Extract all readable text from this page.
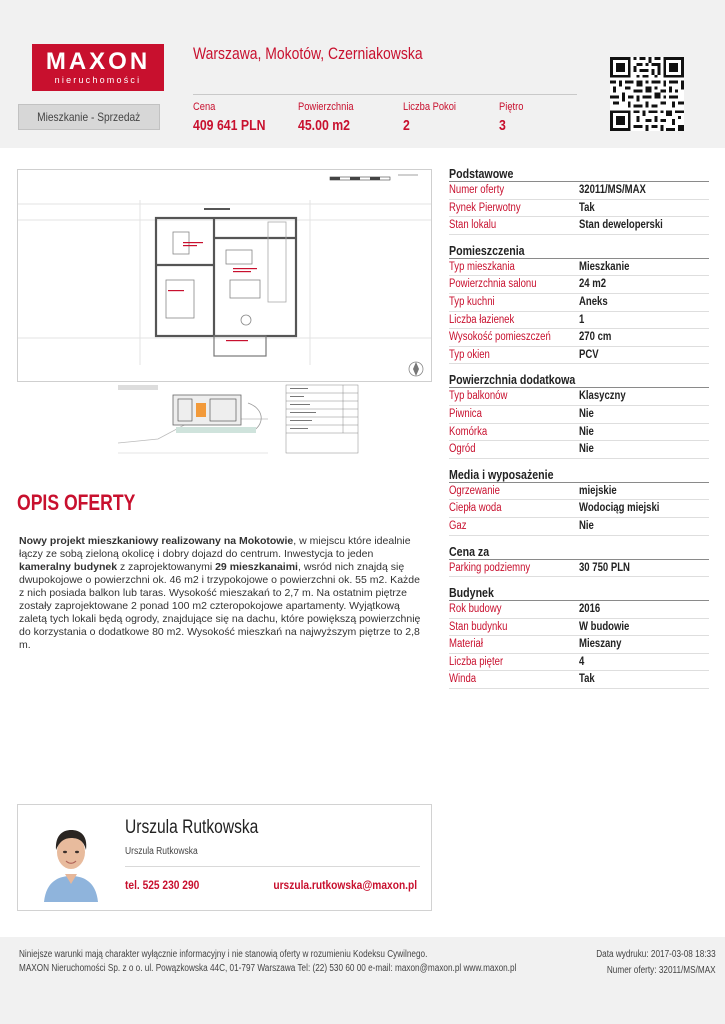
MAXON
nieruchomości
Warszawa, Mokotów, Czerniakowska
Mieszkanie - Sprzedaż
Cena
409 641 PLN
Powierzchnia
45.00 m2
Liczba Pokoi
2
Piętro
3
OPIS OFERTY
Nowy projekt mieszkaniowy realizowany na Mokotowie, w miejscu które idealnie łączy ze sobą zieloną okolicę i dobry dojazd do centrum. Inwestycja to jeden kameralny budynek z zaprojektowanymi 29 mieszkanaimi, wsród nich znajdą się dwupokojowe o powierzchni ok. 46 m2 i trzypokojowe o powierzchni ok. 55 m2. Każde z nich posiada balkon lub taras. Wysokość mieszakań to 2,7 m. Na ostatnim piętrze zostały zaprojektowane 2 ponad 100 m2 czteropokojowe apartamenty. Wyjątkową zaletą tych lokali będą ogrody, znajdujące się na dachu, które powiększą powierzchnię do korzystania o dodatkowe 80 m2. Wysokość mieszkań na najwyższym piętrze to 2,8 m.
Podstawowe
Numer oferty	32011/MS/MAX
Rynek Pierwotny	Tak
Stan lokalu	Stan deweloperski
Pomieszczenia
Typ mieszkania	Mieszkanie
Powierzchnia salonu	24 m2
Typ kuchni	Aneks
Liczba łazienek	1
Wysokość pomieszczeń 270 cm
Typ okien	PCV
Powierzchnia dodatkowa
Typ balkonów	Klasyczny
Piwnica	Nie
Komórka	Nie
Ogród	Nie
Media i wyposażenie
Ogrzewanie	miejskie
Ciepła woda	Wodociąg miejski
Gaz	Nie
Cena za
Parking podziemny	30 750 PLN
Budynek
Rok budowy	2016
Stan budynku	W budowie
Materiał	Mieszany
Liczba pięter	4
Winda	Tak
Urszula Rutkowska
Urszula Rutkowska
tel. 525 230 290	urszula.rutkowska@maxon.pl
Niniejsze warunki mają charakter wyłącznie informacyjny i nie stanowią oferty w rozumieniu Kodeksu Cywilnego.
MAXON Nieruchomości Sp. z o o. ul. Powązkowska 44C, 01-797 Warszawa Tel: (22) 530 60 00 e-mail: maxon@maxon.pl www.maxon.pl
Data wydruku: 2017-03-08 18:33
Numer oferty: 32011/MS/MAX
